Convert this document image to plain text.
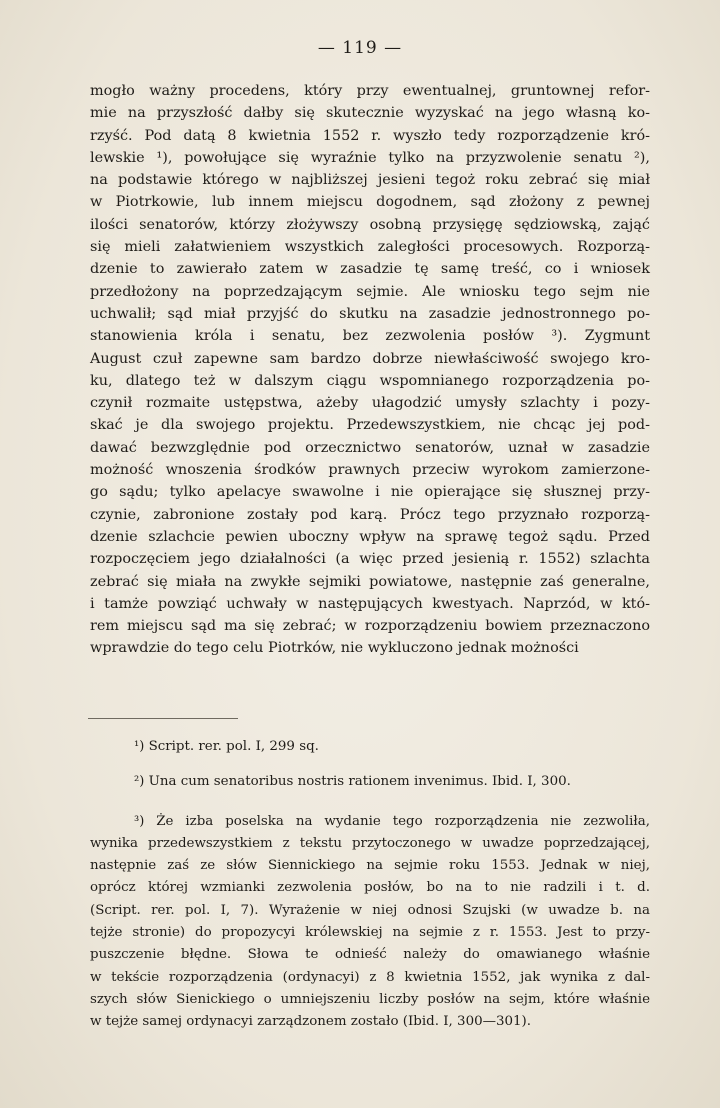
— 119 —
mogło ważny procedens, który przy ewentualnej, gruntownej refor-
mie na przyszłość dałby się skutecznie wyzyskać na jego własną ko-
rzyść. Pod datą 8 kwietnia 1552 r. wyszło tedy rozporządzenie kró-
lewskie ¹), powołujące się wyraźnie tylko na przyzwolenie senatu ²),
na podstawie którego w najbliższej jesieni tegoż roku zebrać się miał
w Piotrkowie, lub innem miejscu dogodnem, sąd złożony z pewnej
ilości senatorów, którzy złożywszy osobną przysięgę sędziowską, zająć
się mieli załatwieniem wszystkich zaległości procesowych. Rozporzą-
dzenie to zawierało zatem w zasadzie tę samę treść, co i wniosek
przedłożony na poprzedzającym sejmie. Ale wniosku tego sejm nie
uchwalił; sąd miał przyjść do skutku na zasadzie jednostronnego po-
stanowienia króla i senatu, bez zezwolenia posłów ³). Zygmunt
August czuł zapewne sam bardzo dobrze niewłaściwość swojego kro-
ku, dlatego też w dalszym ciągu wspomnianego rozporządzenia po-
czynił rozmaite ustępstwa, ażeby ułagodzić umysły szlachty i pozy-
skać je dla swojego projektu. Przedewszystkiem, nie chcąc jej pod-
dawać bezwzględnie pod orzecznictwo senatorów, uznał w zasadzie
możność wnoszenia środków prawnych przeciw wyrokom zamierzone-
go sądu; tylko apelacye swawolne i nie opierające się słusznej przy-
czynie, zabronione zostały pod karą. Prócz tego przyznało rozporzą-
dzenie szlachcie pewien uboczny wpływ na sprawę tegoż sądu. Przed
rozpoczęciem jego działalności (a więc przed jesienią r. 1552) szlachta
zebrać się miała na zwykłe sejmiki powiatowe, następnie zaś generalne,
i tamże powziąć uchwały w następujących kwestyach. Naprzód, w któ-
rem miejscu sąd ma się zebrać; w rozporządzeniu bowiem przeznaczono
wprawdzie do tego celu Piotrków, nie wykluczono jednak możności
¹) Script. rer. pol. I, 299 sq.
²) Una cum senatoribus nostris rationem invenimus. Ibid. I, 300.
³) Że izba poselska na wydanie tego rozporządzenia nie zezwoliła,
wynika przedewszystkiem z tekstu przytoczonego w uwadze poprzedzającej,
następnie zaś ze słów Siennickiego na sejmie roku 1553. Jednak w niej,
oprócz której wzmianki zezwolenia posłów, bo na to nie radzili i t. d.
(Script. rer. pol. I, 7). Wyrażenie w niej odnosi Szujski (w uwadze b. na
tejże stronie) do propozycyi królewskiej na sejmie z r. 1553. Jest to przy-
puszczenie błędne. Słowa te odnieść należy do omawianego właśnie
w tekście rozporządzenia (ordynacyi) z 8 kwietnia 1552, jak wynika z dal-
szych słów Sienickiego o umniejszeniu liczby posłów na sejm, które właśnie
w tejże samej ordynacyi zarządzonem zostało (Ibid. I, 300—301).
